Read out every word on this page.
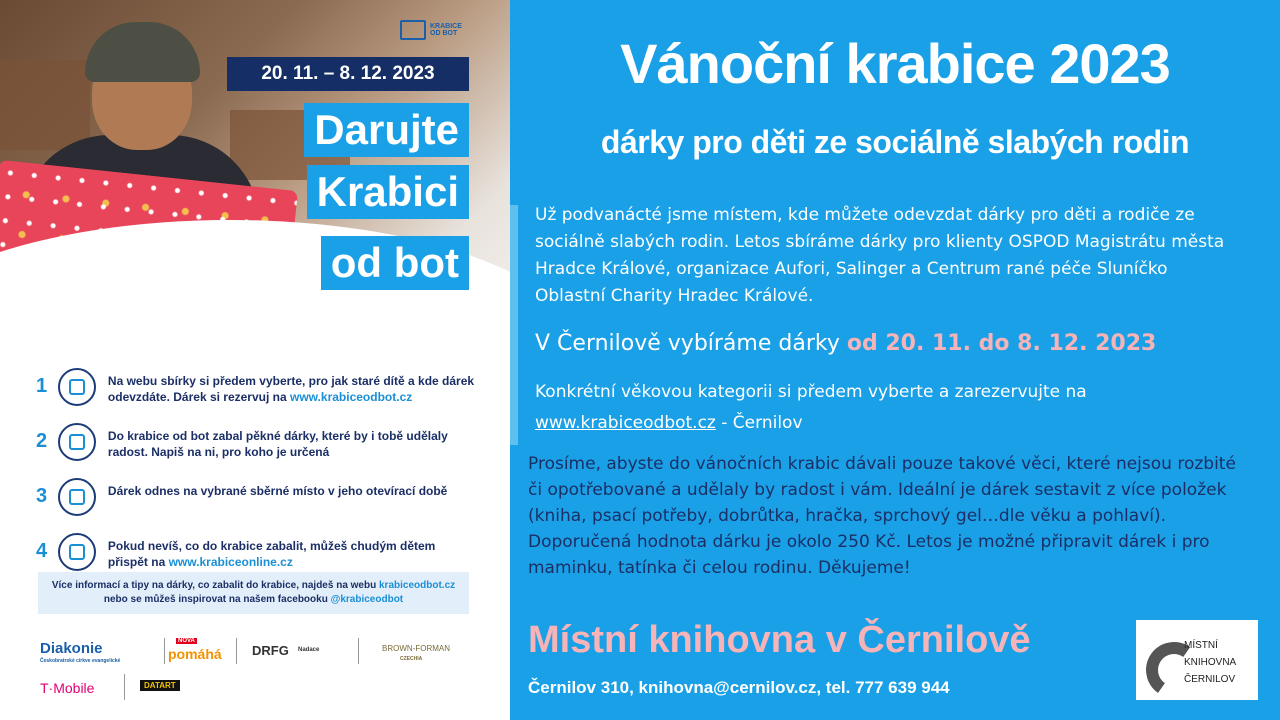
KRABICE
OD BOT
20. 11. – 8. 12. 2023
Darujte
Krabici
od bot
1	Na webu sbírky si předem vyberte, pro jak staré dítě a kde dárek odevzdáte. Dárek si rezervuj na www.krabiceodbot.cz
2	Do krabice od bot zabal pěkné dárky, které by i tobě udělaly radost. Napiš na ni, pro koho je určená
3	Dárek odnes na vybrané sběrné místo v jeho otevírací době
4	Pokud nevíš, co do krabice zabalit, můžeš chudým dětem přispět na www.krabiceonline.cz
Více informací a tipy na dárky, co zabalit do krabice, najdeš na webu krabiceodbot.cz
nebo se můžeš inspirovat na našem facebooku @krabiceodbot
Diakonie
Českobratrské církve evangelické
NOVA
pomáhá DRFG Nadace	BROWN-FORMAN
CZECHIA
T·Mobile	DATART
Vánoční krabice 2023
dárky pro děti ze sociálně slabých rodin
Už podvanácté jsme místem, kde můžete odevzdat dárky pro děti a rodiče ze sociálně slabých rodin. Letos sbíráme dárky pro klienty OSPOD Magistrátu města Hradce Králové, organizace Aufori, Salinger a Centrum rané péče Sluníčko Oblastní Charity Hradec Králové.
V Černilově vybíráme dárky od 20. 11. do 8. 12. 2023
Konkrétní věkovou kategorii si předem vyberte a zarezervujte na www.krabiceodbot.cz - Černilov
Prosíme, abyste do vánočních krabic dávali pouze takové věci, které nejsou rozbité či opotřebované a udělaly by radost i vám. Ideální je dárek sestavit z více položek (kniha, psací potřeby, dobrůtka, hračka, sprchový gel…dle věku a pohlaví). Doporučená hodnota dárku je okolo 250 Kč. Letos je možné připravit dárek i pro maminku, tatínka či celou rodinu. Děkujeme!
Místní knihovna v Černilově
Černilov 310, knihovna@cernilov.cz, tel. 777 639 944
MÍSTNÍ
KNIHOVNA
ČERNILOV
